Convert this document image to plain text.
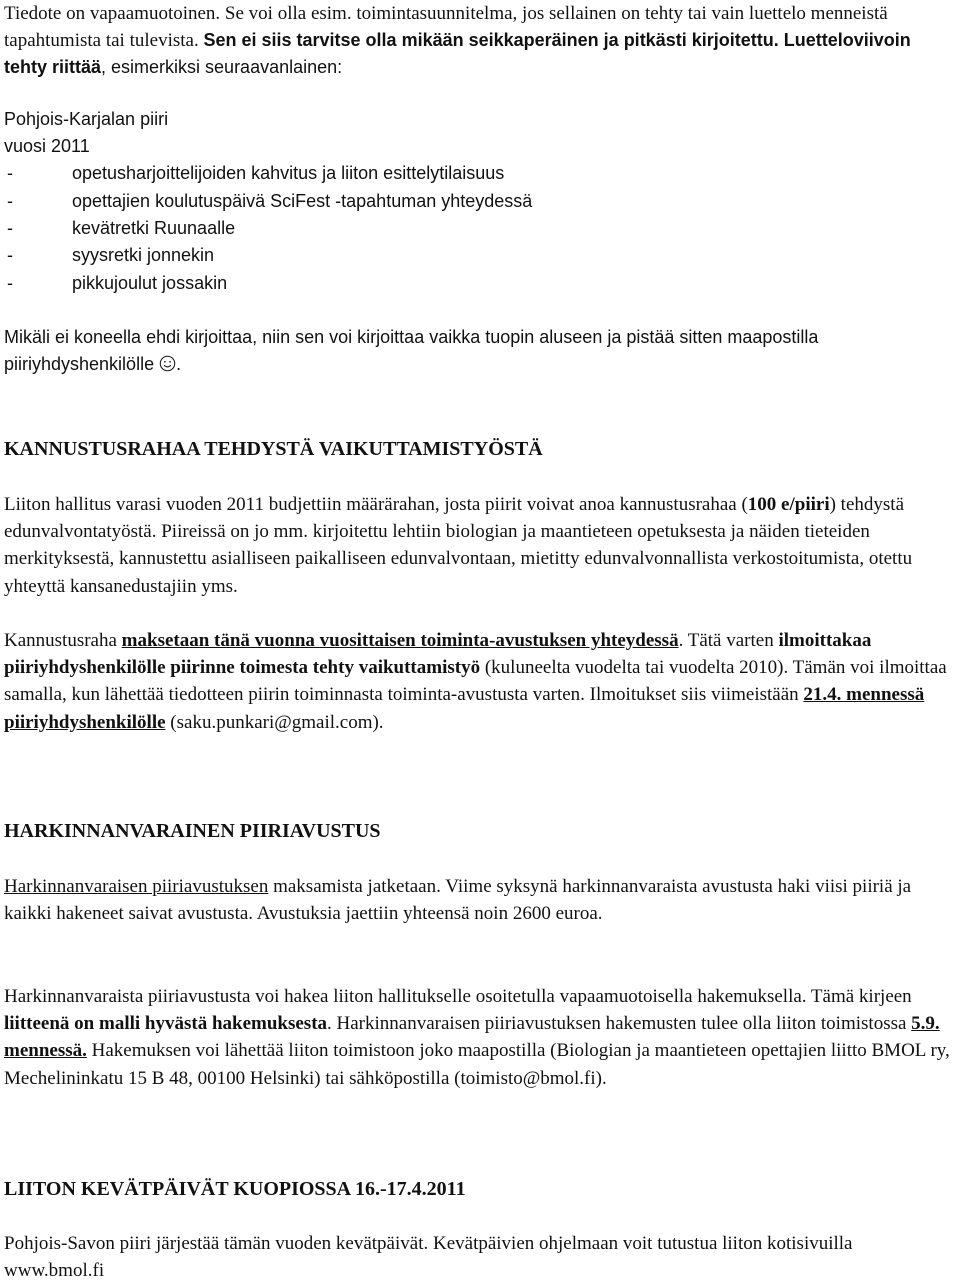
Tiedote on vapaamuotoinen. Se voi olla esim. toimintasuunnitelma, jos sellainen on tehty tai vain luettelo menneistä tapahtumista tai tulevista. Sen ei siis tarvitse olla mikään seikkaperäinen ja pitkästi kirjoitettu. Luetteloviivoin tehty riittää, esimerkiksi seuraavanlainen:

Pohjois-Karjalan piiri
vuosi 2011
-	opetusharjoittelijoiden kahvitus ja liiton esittelytilaisuus
-	opettajien koulutuspäivä SciFest -tapahtuman yhteydessä
-	kevätretki Ruunaalle
-	syysretki jonnekin
-	pikkujoulut jossakin

Mikäli ei koneella ehdi kirjoittaa, niin sen voi kirjoittaa vaikka tuopin aluseen ja pistää sitten maapostilla piiriyhdyshenkilölle .

KANNUSTUSRAHAA TEHDYSTÄ VAIKUTTAMISTYÖSTÄ

Liiton hallitus varasi vuoden 2011 budjettiin määrärahan, josta piirit voivat anoa kannustusrahaa (100 e/piiri) tehdystä edunvalvontatyöstä. Piireissä on jo mm. kirjoitettu lehtiin biologian ja maantieteen opetuksesta ja näiden tieteiden merkityksestä, kannustettu asialliseen paikalliseen edunvalvontaan, mietitty edunvalvonnallista verkostoitumista, otettu yhteyttä kansanedustajiin yms.

Kannustusraha maksetaan tänä vuonna vuosittaisen toiminta-avustuksen yhteydessä. Tätä varten ilmoittakaa piiriyhdyshenkilölle piirinne toimesta tehty vaikuttamistyö (kuluneelta vuodelta tai vuodelta 2010). Tämän voi ilmoittaa samalla, kun lähettää tiedotteen piirin toiminnasta toiminta-avustusta varten. Ilmoitukset siis viimeistään 21.4. mennessä piiriyhdyshenkilölle (saku.punkari@gmail.com).

HARKINNANVARAINEN PIIRIAVUSTUS

Harkinnanvaraisen piiriavustuksen maksamista jatketaan. Viime syksynä harkinnanvaraista avustusta haki viisi piiriä ja kaikki hakeneet saivat avustusta. Avustuksia jaettiin yhteensä noin 2600 euroa.

Harkinnanvaraista piiriavustusta voi hakea liiton hallitukselle osoitetulla vapaamuotoisella hakemuksella. Tämä kirjeen liitteenä on malli hyvästä hakemuksesta. Harkinnanvaraisen piiriavustuksen hakemusten tulee olla liiton toimistossa 5.9. mennessä. Hakemuksen voi lähettää liiton toimistoon joko maapostilla (Biologian ja maantieteen opettajien liitto BMOL ry, Mechelininkatu 15 B 48, 00100 Helsinki) tai sähköpostilla (toimisto@bmol.fi).

LIITON KEVÄTPÄIVÄT KUOPIOSSA 16.-17.4.2011

Pohjois-Savon piiri järjestää tämän vuoden kevätpäivät. Kevätpäivien ohjelmaan voit tutustua liiton kotisivuilla www.bmol.fi
